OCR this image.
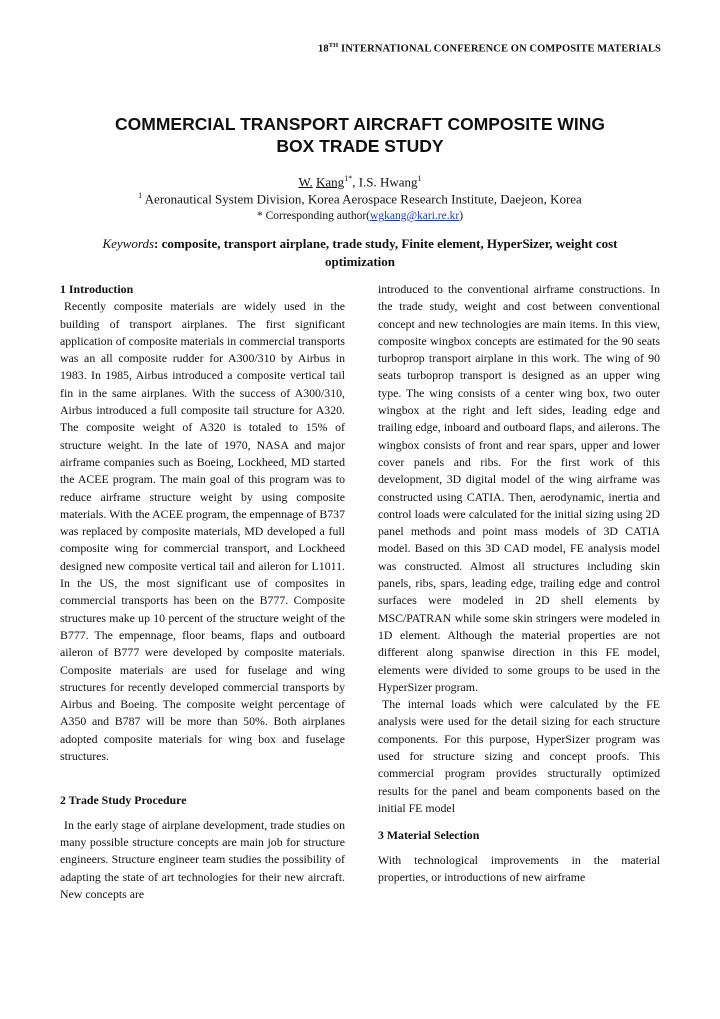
18TH INTERNATIONAL CONFERENCE ON COMPOSITE MATERIALS
COMMERCIAL TRANSPORT AIRCRAFT COMPOSITE WING
BOX TRADE STUDY
W. Kang$^{1*}$, I.S. Hwang$^1$
$^1$ Aeronautical System Division, Korea Aerospace Research Institute, Daejeon, Korea
* Corresponding author(wgkang@kari.re.kr)
Keywords: composite, transport airplane, trade study, Finite element, HyperSizer, weight cost optimization

1 Introduction

Recently composite materials are widely used in the building of transport airplanes. The first significant application of composite materials in commercial transports was an all composite rudder for A300/310 by Airbus in 1983. In 1985, Airbus introduced a composite vertical tail fin in the same airplanes. With the success of A300/310, Airbus introduced a full composite tail structure for A320. The composite weight of A320 is totaled to 15% of structure weight. In the late of 1970, NASA and major airframe companies such as Boeing, Lockheed, MD started the ACEE program. The main goal of this program was to reduce airframe structure weight by using composite materials. With the ACEE program, the empennage of B737 was replaced by composite materials, MD developed a full composite wing for commercial transport, and Lockheed designed new composite vertical tail and aileron for L1011. In the US, the most significant use of composites in commercial transports has been on the B777. Composite structures make up 10 percent of the structure weight of the B777. The empennage, floor beams, flaps and outboard aileron of B777 were developed by composite materials. Composite materials are used for fuselage and wing structures for recently developed commercial transports by Airbus and Boeing. The composite weight percentage of A350 and B787 will be more than 50%. Both airplanes adopted composite materials for wing box and fuselage structures.

2 Trade Study Procedure

In the early stage of airplane development, trade studies on many possible structure concepts are main job for structure engineers. Structure engineer team studies the possibility of adapting the state of art technologies for their new aircraft. New concepts are

introduced to the conventional airframe constructions. In the trade study, weight and cost between conventional concept and new technologies are main items. In this view, composite wingbox concepts are estimated for the 90 seats turboprop transport airplane in this work. The wing of 90 seats turboprop transport is designed as an upper wing type. The wing consists of a center wing box, two outer wingbox at the right and left sides, leading edge and trailing edge, inboard and outboard flaps, and ailerons. The wingbox consists of front and rear spars, upper and lower cover panels and ribs. For the first work of this development, 3D digital model of the wing airframe was constructed using CATIA. Then, aerodynamic, inertia and control loads were calculated for the initial sizing using 2D panel methods and point mass models of 3D CATIA model. Based on this 3D CAD model, FE analysis model was constructed. Almost all structures including skin panels, ribs, spars, leading edge, trailing edge and control surfaces were modeled in 2D shell elements by MSC/PATRAN while some skin stringers were modeled in 1D element. Although the material properties are not different along spanwise direction in this FE model, elements were divided to some groups to be used in the HyperSizer program.

The internal loads which were calculated by the FE analysis were used for the detail sizing for each structure components. For this purpose, HyperSizer program was used for structure sizing and concept proofs. This commercial program provides structurally optimized results for the panel and beam components based on the initial FE model

3 Material Selection

With technological improvements in the material properties, or introductions of new airframe
